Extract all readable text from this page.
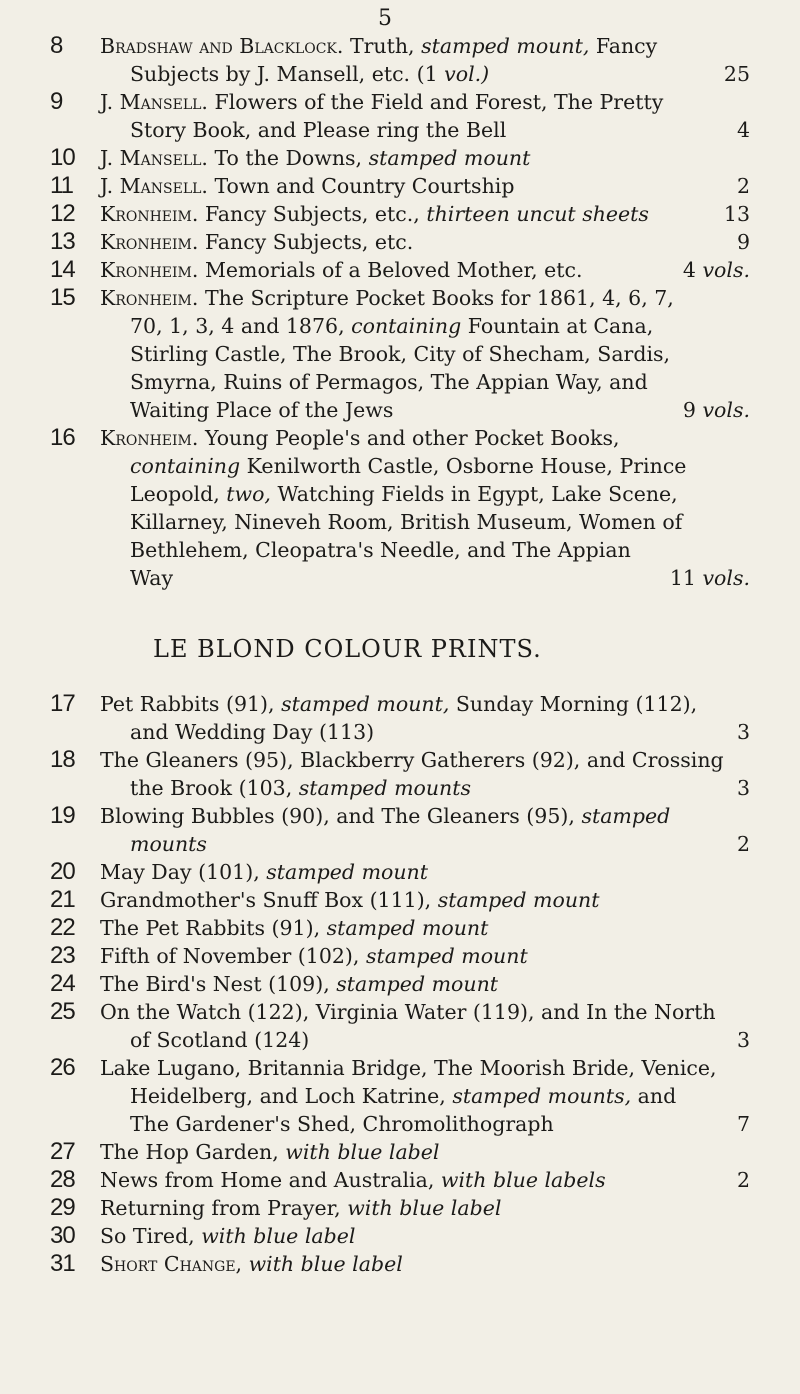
5
LE BLOND COLOUR PRINTS.
8	Bradshaw and Blacklock. Truth, stamped mount, Fancy
Subjects by J. Mansell, etc. (1 vol.)	25
9	J. Mansell. Flowers of the Field and Forest, The Pretty
Story Book, and Please ring the Bell	4
10	J. Mansell. To the Downs, stamped mount
11	J. Mansell. Town and Country Courtship	2
12	Kronheim. Fancy Subjects, etc., thirteen uncut sheets	13
13	Kronheim. Fancy Subjects, etc.	9
14	Kronheim. Memorials of a Beloved Mother, etc.	4 vols.
15	Kronheim. The Scripture Pocket Books for 1861, 4, 6, 7,
70, 1, 3, 4 and 1876, containing Fountain at Cana,
Stirling Castle, The Brook, City of Shecham, Sardis,
Smyrna, Ruins of Permagos, The Appian Way, and
Waiting Place of the Jews	9 vols.
16	Kronheim. Young People's and other Pocket Books,
containing Kenilworth Castle, Osborne House, Prince
Leopold, two, Watching Fields in Egypt, Lake Scene,
Killarney, Nineveh Room, British Museum, Women of
Bethlehem, Cleopatra's Needle, and The Appian
Way	11 vols.
17	Pet Rabbits (91), stamped mount, Sunday Morning (112),
and Wedding Day (113)	3
18	The Gleaners (95), Blackberry Gatherers (92), and Crossing
the Brook (103, stamped mounts	3
19	Blowing Bubbles (90), and The Gleaners (95), stamped
mounts	2
20	May Day (101), stamped mount
21	Grandmother's Snuff Box (111), stamped mount
22	The Pet Rabbits (91), stamped mount
23	Fifth of November (102), stamped mount
24	The Bird's Nest (109), stamped mount
25	On the Watch (122), Virginia Water (119), and In the North
of Scotland (124)	3
26	Lake Lugano, Britannia Bridge, The Moorish Bride, Venice,
Heidelberg, and Loch Katrine, stamped mounts, and
The Gardener's Shed, Chromolithograph	7
27	The Hop Garden, with blue label
28	News from Home and Australia, with blue labels	2
29	Returning from Prayer, with blue label
30	So Tired, with blue label
31	Short Change, with blue label
